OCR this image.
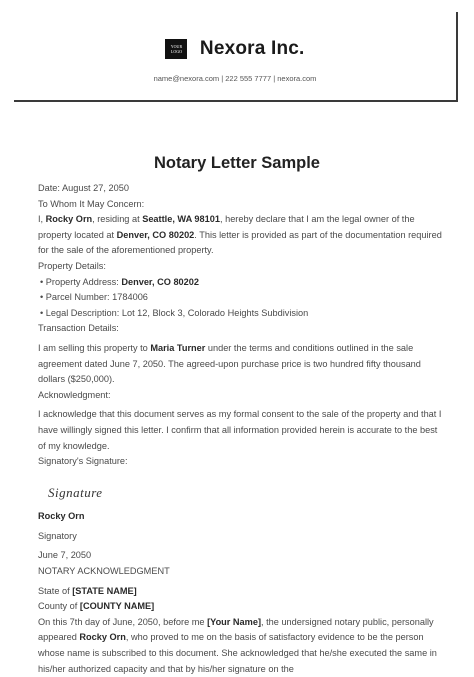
YOUR
LOGO Nexora Inc.
name@nexora.com | 222 555 7777 | nexora.com
Notary Letter Sample

Date: August 27, 2050

To Whom It May Concern:

I, Rocky Orn, residing at Seattle, WA 98101, hereby declare that I am the legal owner of the property located at Denver, CO 80202. This letter is provided as part of the documentation required for the sale of the aforementioned property.

Property Details:

• Property Address: Denver, CO 80202

• Parcel Number: 1784006

• Legal Description: Lot 12, Block 3, Colorado Heights Subdivision

Transaction Details:

I am selling this property to Maria Turner under the terms and conditions outlined in the sale agreement dated June 7, 2050. The agreed-upon purchase price is two hundred fifty thousand dollars ($250,000).

Acknowledgment:

I acknowledge that this document serves as my formal consent to the sale of the property and that I have willingly signed this letter. I confirm that all information provided herein is accurate to the best of my knowledge.

Signatory's Signature:

Signature

Rocky Orn

Signatory

June 7, 2050

NOTARY ACKNOWLEDGMENT

State of [STATE NAME]

County of [COUNTY NAME]

On this 7th day of June, 2050, before me [Your Name], the undersigned notary public, personally appeared Rocky Orn, who proved to me on the basis of satisfactory evidence to be the person whose name is subscribed to this document. She acknowledged that he/she executed the same in his/her authorized capacity and that by his/her signature on the
